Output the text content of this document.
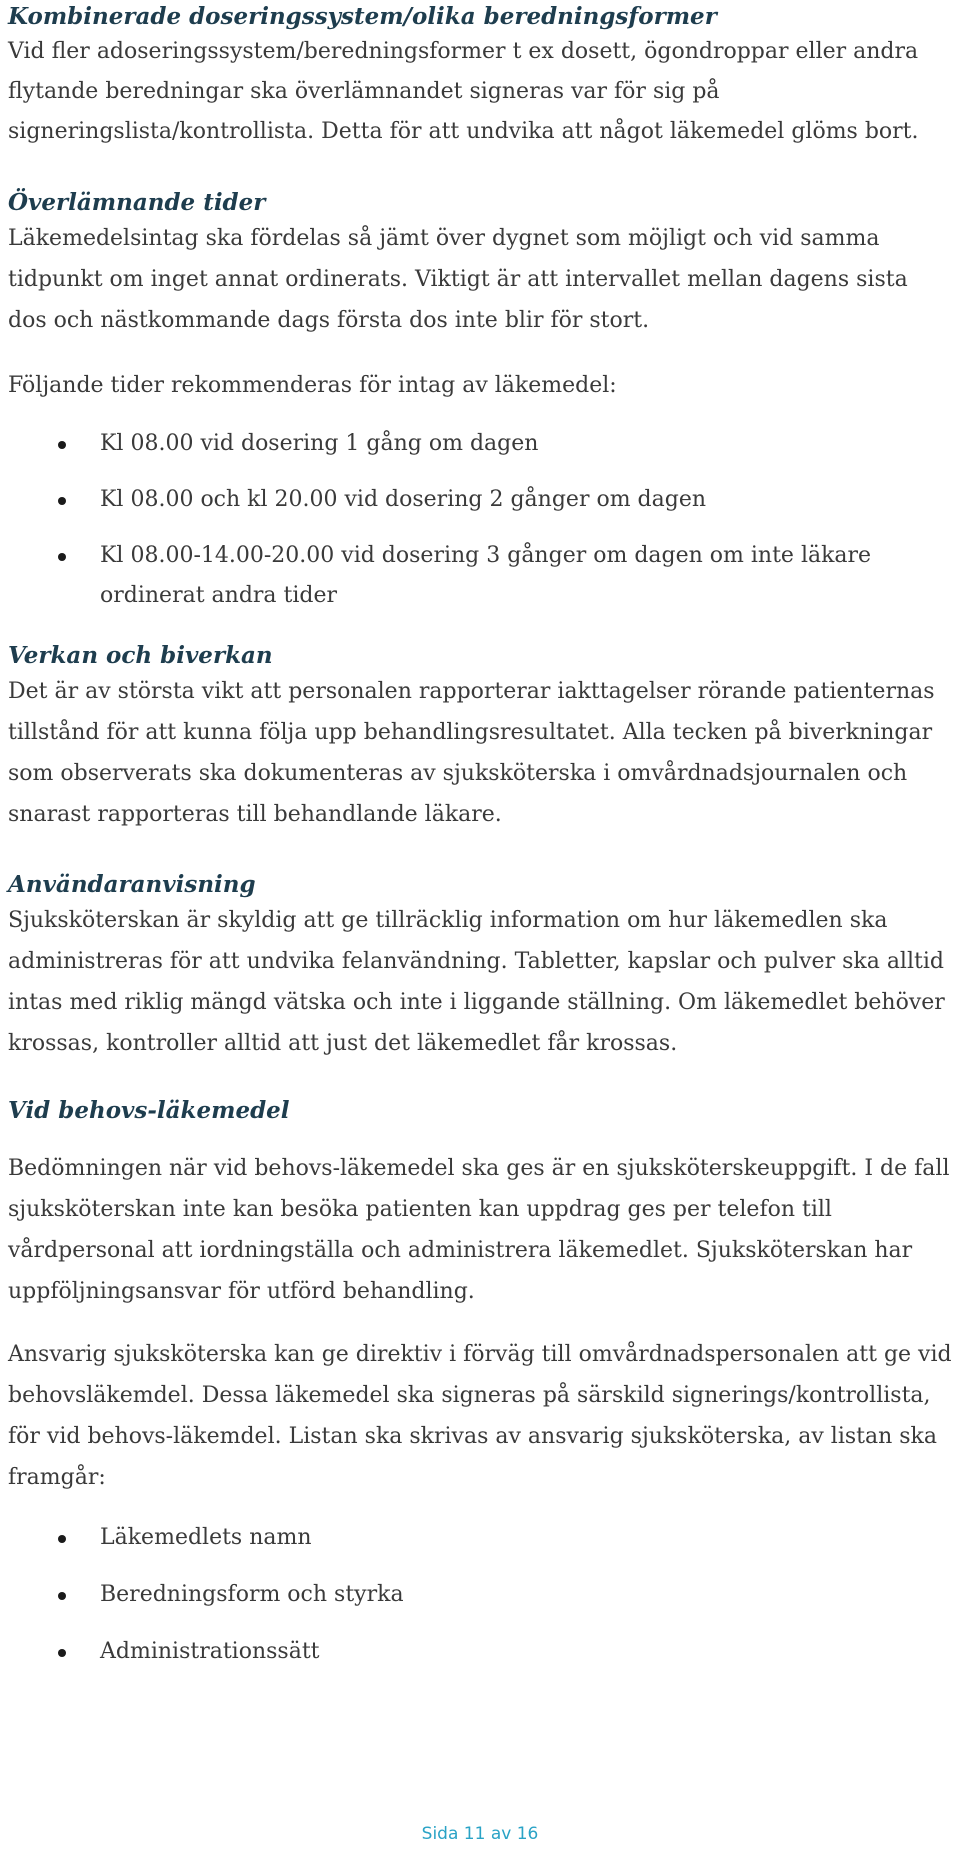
Kombinerade doseringssystem/olika beredningsformer

Vid fler adoseringssystem/beredningsformer t ex dosett, ögondroppar eller andra flytande beredningar ska överlämnandet signeras var för sig på signeringslista/kontrollista. Detta för att undvika att något läkemedel glöms bort.

Överlämnande tider

Läkemedelsintag ska fördelas så jämt över dygnet som möjligt och vid samma tidpunkt om inget annat ordinerats. Viktigt är att intervallet mellan dagens sista dos och nästkommande dags första dos inte blir för stort.

Följande tider rekommenderas för intag av läkemedel:

Kl 08.00 vid dosering 1 gång om dagen
Kl 08.00 och kl 20.00 vid dosering 2 gånger om dagen
Kl 08.00-14.00-20.00 vid dosering 3 gånger om dagen om inte läkare ordinerat andra tider
Verkan och biverkan

Det är av största vikt att personalen rapporterar iakttagelser rörande patienternas tillstånd för att kunna följa upp behandlingsresultatet. Alla tecken på biverkningar som observerats ska dokumenteras av sjuksköterska i omvårdnadsjournalen och snarast rapporteras till behandlande läkare.

Användaranvisning

Sjuksköterskan är skyldig att ge tillräcklig information om hur läkemedlen ska administreras för att undvika felanvändning. Tabletter, kapslar och pulver ska alltid intas med riklig mängd vätska och inte i liggande ställning. Om läkemedlet behöver krossas, kontroller alltid att just det läkemedlet får krossas.

Vid behovs-läkemedel

Bedömningen när vid behovs-läkemedel ska ges är en sjuksköterskeuppgift. I de fall sjuksköterskan inte kan besöka patienten kan uppdrag ges per telefon till vårdpersonal att iordningställa och administrera läkemedlet. Sjuksköterskan har uppföljningsansvar för utförd behandling.

Ansvarig sjuksköterska kan ge direktiv i förväg till omvårdnadspersonalen att ge vid behovsläkemdel. Dessa läkemedel ska signeras på särskild signerings/kontrollista, för vid behovs-läkemdel. Listan ska skrivas av ansvarig sjuksköterska, av listan ska framgår:

Läkemedlets namn
Beredningsform och styrka
Administrationssätt
Sida 11 av 16
